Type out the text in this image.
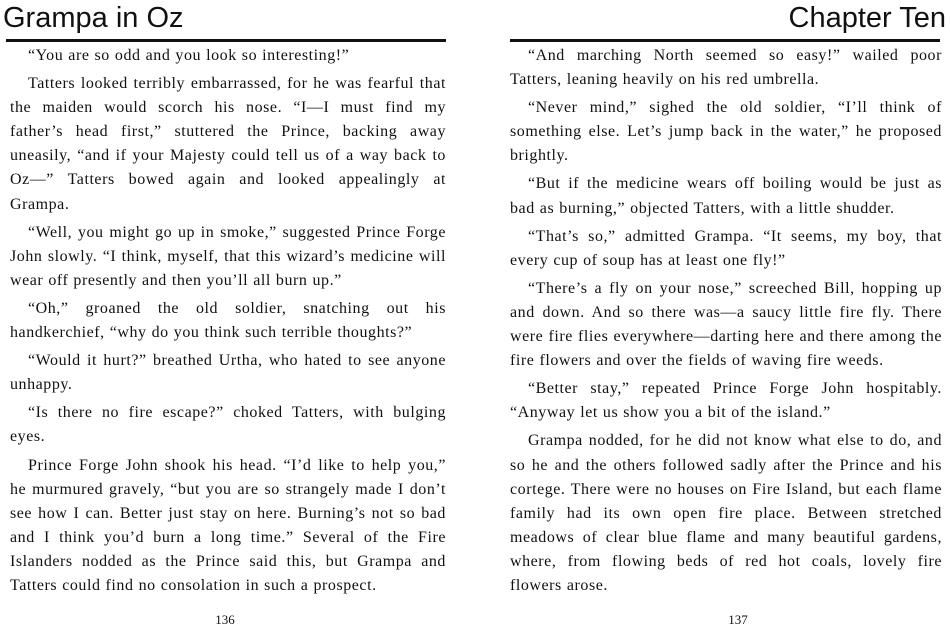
Grampa in Oz

“You are so odd and you look so interesting!”

Tatters looked terribly embarrassed, for he was fearful that the maiden would scorch his nose. “I—I must find my father’s head first,” stuttered the Prince, backing away uneasily, “and if your Majesty could tell us of a way back to Oz—” Tatters bowed again and looked appealingly at Grampa.

“Well, you might go up in smoke,” suggested Prince Forge John slowly. “I think, myself, that this wizard’s medicine will wear off presently and then you’ll all burn up.”

“Oh,” groaned the old soldier, snatching out his handkerchief, “why do you think such terrible thoughts?”

“Would it hurt?” breathed Urtha, who hated to see anyone unhappy.

“Is there no fire escape?” choked Tatters, with bulging eyes.

Prince Forge John shook his head. “I’d like to help you,” he murmured gravely, “but you are so strangely made I don’t see how I can. Better just stay on here. Burning’s not so bad and I think you’d burn a long time.” Several of the Fire Islanders nodded as the Prince said this, but Grampa and Tatters could find no consolation in such a prospect.

136
Chapter Ten

“And marching North seemed so easy!” wailed poor Tatters, leaning heavily on his red umbrella.

“Never mind,” sighed the old soldier, “I’ll think of something else. Let’s jump back in the water,” he proposed brightly.

“But if the medicine wears off boiling would be just as bad as burning,” objected Tatters, with a little shudder.

“That’s so,” admitted Grampa. “It seems, my boy, that every cup of soup has at least one fly!”

“There’s a fly on your nose,” screeched Bill, hopping up and down. And so there was—a saucy little fire fly. There were fire flies everywhere—darting here and there among the fire flowers and over the fields of waving fire weeds.

“Better stay,” repeated Prince Forge John hospitably. “Anyway let us show you a bit of the island.”

Grampa nodded, for he did not know what else to do, and so he and the others followed sadly after the Prince and his cortege. There were no houses on Fire Island, but each flame family had its own open fire place. Between stretched meadows of clear blue flame and many beautiful gardens, where, from flowing beds of red hot coals, lovely fire flowers arose.

137
